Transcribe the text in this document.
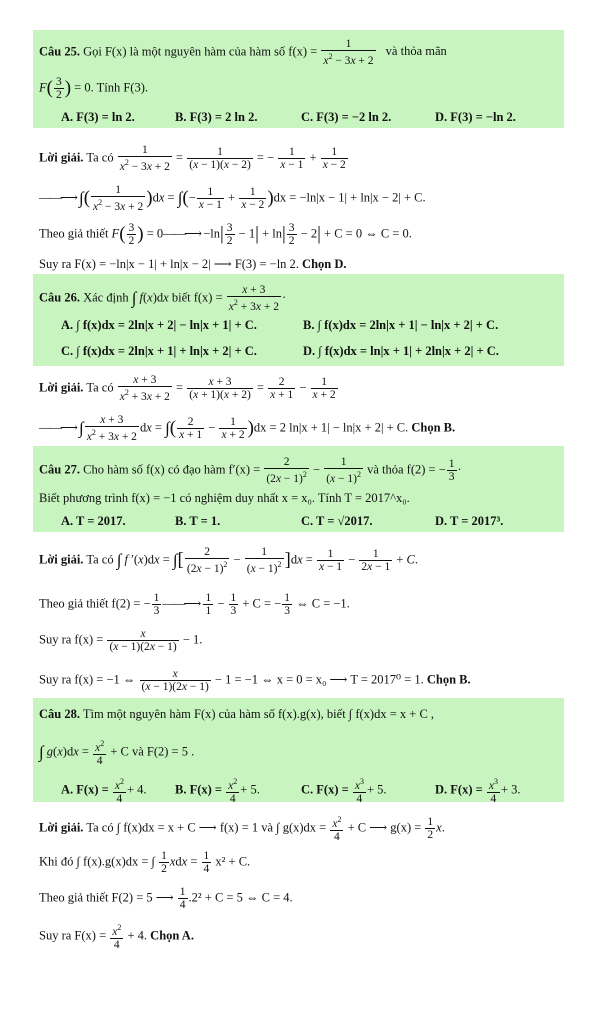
Câu 25. Gọi F(x) là một nguyên hàm của hàm số $f(x) = \frac{1}{x^2 - 3x + 2}$ và thỏa mãn
$F( \frac{3}{2}$ ) = 0. Tính F(3).
A. F(3) = ln 2.	B. F(3) = 2 ln 2.	C. F(3) = −2 ln 2.	D. F(3) = −ln 2.
Lời giải. Ta có $\frac{1}{x^2 - 3x + 2} = \frac{1}{(x - 1)(x - 2)}$ = − $\frac{1}{x - 1} + \frac{1}{x - 2}$
——⟶ ∫( $\frac{1}{x^2 - 3x + 2} )dx$ = ∫(− $\frac{1}{x - 1} + \frac{1}{x - 2} )dx = -\ln|x - 1| + \ln|x - 2| + C$.
Theo giả thiết $F( \frac{3}{2}$ ) = 0——⟶ $-\ln| \frac{3}{2} - 1| + \ln| \frac{3}{2} - 2| + C = 0$ ⇔ C = 0.
Suy ra F(x) = −ln|x − 1| + ln|x − 2| ⟶ F(3) = −ln 2. Chọn D.
Câu 26. Xác định ∫ f(x)dx biết $f(x) = \frac{x + 3}{x^2 + 3x + 2}$ ·
A. ∫ f(x)dx = 2ln|x + 2| − ln|x + 1| + C.	B. ∫ f(x)dx = 2ln|x + 1| − ln|x + 2| + C.
C. ∫ f(x)dx = 2ln|x + 1| + ln|x + 2| + C.	D. ∫ f(x)dx = ln|x + 1| + 2ln|x + 2| + C.
Lời giải. Ta có $\frac{x + 3}{x^2 + 3x + 2} = \frac{x + 3}{(x + 1)(x + 2)} = \frac{2}{x + 1} - \frac{1}{x + 2}$
——⟶ ∫ $\frac{x + 3}{x^2 + 3x + 2}$ dx = ∫( $\frac{2}{x + 1} - \frac{1}{x + 2} )dx = 2$ ln|x + 1| − ln|x + 2| + C. Chọn B.
Câu 27. Cho hàm số f(x) có đạo hàm $f'(x) = \frac{2}{(2x - 1)^2} - \frac{1}{(x - 1)^2}$ và thỏa f(2) = − $\frac{1}{3}$ ·
Biết phương trình f(x) = −1 có nghiệm duy nhất x = x₀. Tính T = 2017^x₀.
A. T = 2017.	B. T = 1.	C. T = √2017.	D. T = 2017³.
Lời giải. Ta có ∫ f ′(x)dx = ∫[ $\frac{2}{(2x - 1)^2} - \frac{1}{(x - 1)^2} ]dx = \frac{1}{x - 1} - \frac{1}{2x - 1} + C$.
Theo giả thiết f(2) = − $\frac{1}{3}$ ——⟶ $\frac{1}{1} - \frac{1}{3} + C$ = − $\frac{1}{3}$ ⇔ C = −1.
Suy ra $f(x) = \frac{x}{(x - 1)(2x - 1)} - 1$.
Suy ra f(x) = −1 ⇔ $\frac{x}{(x - 1)(2x - 1)} - 1 = -1$ ⇔ x = 0 = x₀ ⟶ T = 2017⁰ = 1. Chọn B.
Câu 28. Tìm một nguyên hàm F(x) của hàm số f(x).g(x), biết ∫ f(x)dx = x + C ,
∫ $g(x)dx = \frac{x^2}{4} + C$ và F(2) = 5 .
A. $F(x) = \frac{x^2}{4} + 4$. B. $F(x) = \frac{x^2}{4} + 5$.	C. $F(x) = \frac{x^3}{4} + 5$.	D. $F(x) = \frac{x^3}{4} + 3$.
Lời giải. Ta có ∫ f(x)dx = x + C ⟶ f(x) = 1 và ∫ $g(x)dx = \frac{x^2}{4} + C$ ⟶ $g(x) = \frac{1}{2} x$.
Khi đó ∫ f(x).g(x)dx = ∫ $\frac{1}{2}$ xdx = $\frac{1}{4} x^2 + C$.
Theo giả thiết F(2) = 5 ⟶ $\frac{1}{4} .2^2 + C = 5$ ⇔ C = 4.
Suy ra $F(x) = \frac{x^2}{4} + 4$. Chọn A.
